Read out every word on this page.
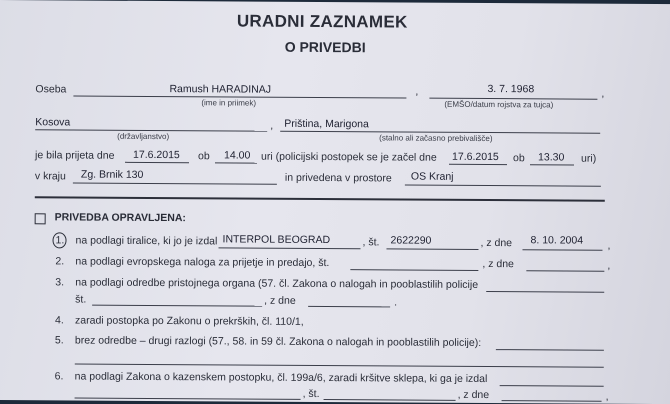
URADNI ZAZNAMEK
O PRIVEDBI
Oseba	Ramush HARADINAJ
(ime in priimek)
,	3. 7. 1968
(EMŠO/datum rojstva za tujca)
,
Kosova
(državljanstvo)
, Priština, Marigona
(stalno ali začasno prebivališče)
je bila prijeta dne 17.6.2015 ob 14.00 uri (policijski postopek se je začel dne 17.6.2015 ob 13.30 uri)
v kraju Zg. Brnik 130	in privedena v prostore OS Kranj
PRIVEDBA OPRAVLJENA:
1. na podlagi tiralice, ki jo je izdal INTERPOL BEOGRAD	, št. 2622290	, z dne 8. 10. 2004 ,
2. na podlagi evropskega naloga za prijetje in predajo, št.	, z dne	,
3. na podlagi odredbe pristojnega organa (57. čl. Zakona o nalogah in pooblastilih policije
št.	, z dne	.
4. zaradi postopka po Zakonu o prekrških, čl. 110/1,
5. brez odredbe – drugi razlogi (57., 58. in 59 čl. Zakona o nalogah in pooblastilih policije):
6. na podlagi Zakona o kazenskem postopku, čl. 199a/6, zaradi kršitve sklepa, ki ga je izdal
, št.	, z dne	,
